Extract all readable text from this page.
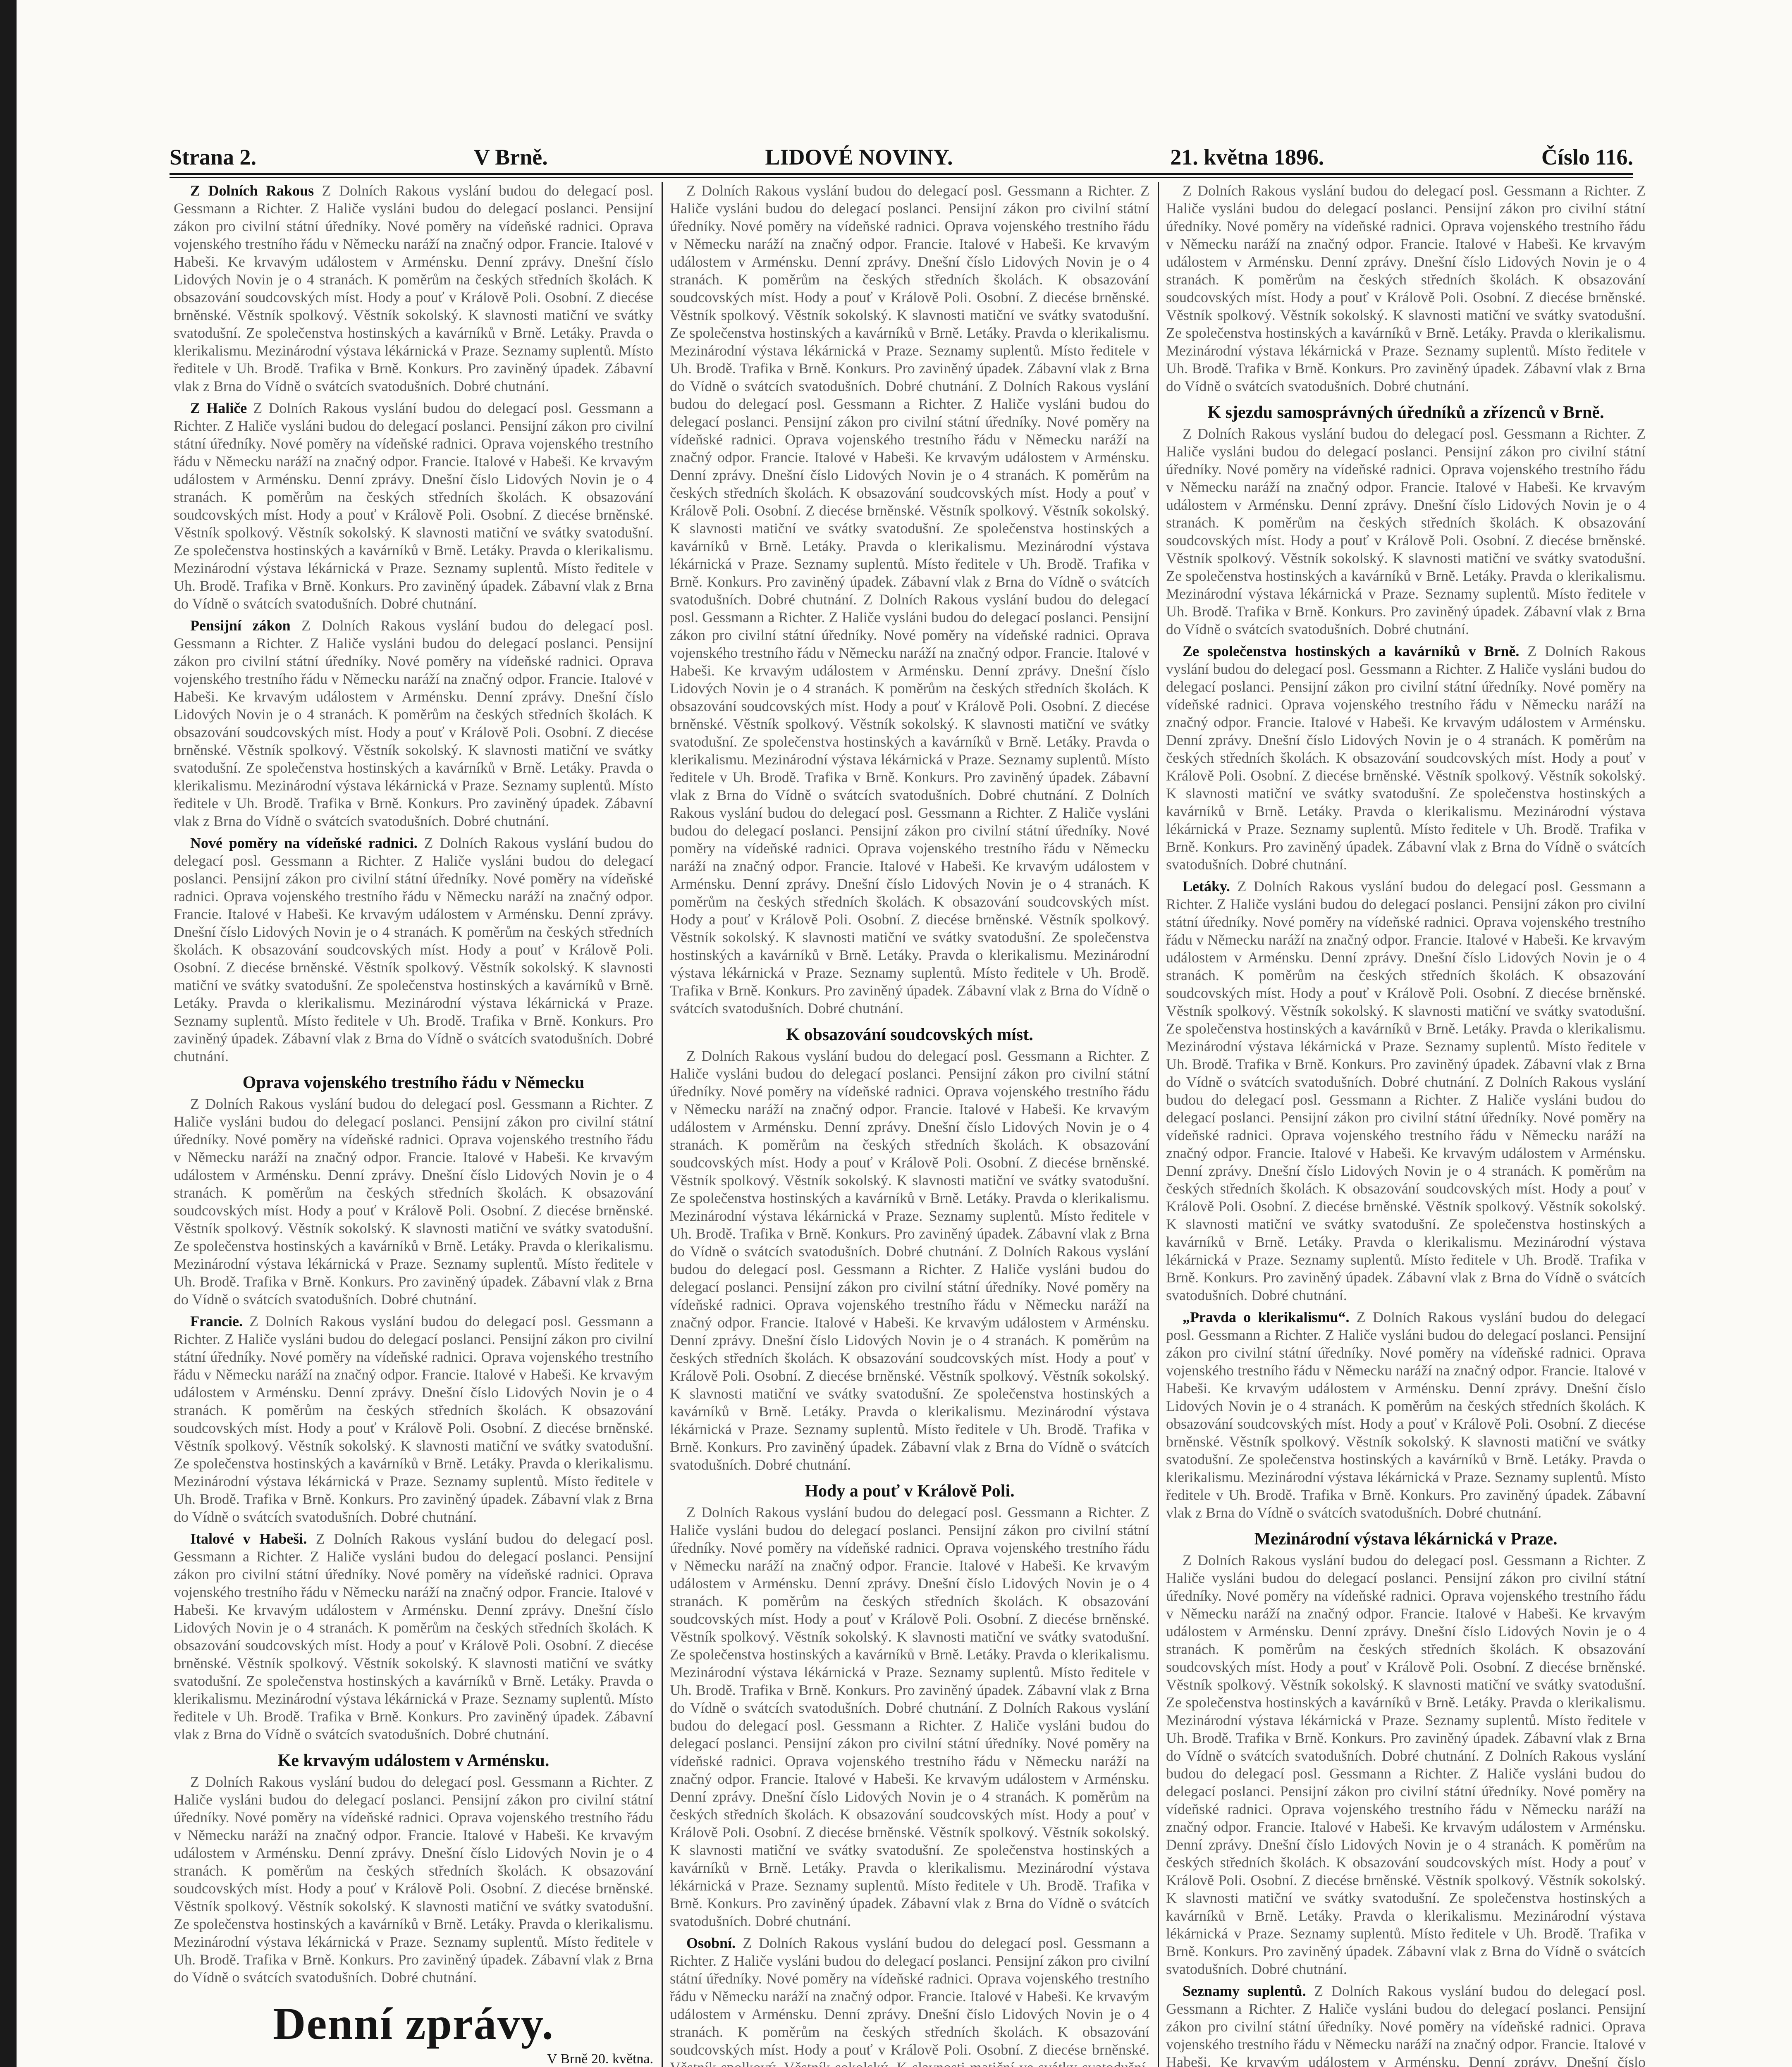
Strana 2.	V Brně.	LIDOVÉ NOVINY.	21. května 1896.	Číslo 116.

Z Dolních Rakous Z Dolních Rakous vyslání budou do delegací posl. Gessmann a Richter. Z Haliče vysláni budou do delegací poslanci. Pensijní zákon pro civilní státní úředníky. Nové poměry na vídeňské radnici. Oprava vojenského trestního řádu v Německu naráží na značný odpor. Francie. Italové v Habeši. Ke krvavým událostem v Arménsku. Denní zprávy. Dnešní číslo Lidových Novin je o 4 stranách. K poměrům na českých středních školách. K obsazování soudcovských míst. Hody a pouť v Králově Poli. Osobní. Z diecése brněnské. Věstník spolkový. Věstník sokolský. K slavnosti matiční ve svátky svatodušní. Ze společenstva hostinských a kavárníků v Brně. Letáky. Pravda o klerikalismu. Mezinárodní výstava lékárnická v Praze. Seznamy suplentů. Místo ředitele v Uh. Brodě. Trafika v Brně. Konkurs. Pro zaviněný úpadek. Zábavní vlak z Brna do Vídně o svátcích svatodušních. Dobré chutnání.

Z Haliče Z Dolních Rakous vyslání budou do delegací posl. Gessmann a Richter. Z Haliče vysláni budou do delegací poslanci. Pensijní zákon pro civilní státní úředníky. Nové poměry na vídeňské radnici. Oprava vojenského trestního řádu v Německu naráží na značný odpor. Francie. Italové v Habeši. Ke krvavým událostem v Arménsku. Denní zprávy. Dnešní číslo Lidových Novin je o 4 stranách. K poměrům na českých středních školách. K obsazování soudcovských míst. Hody a pouť v Králově Poli. Osobní. Z diecése brněnské. Věstník spolkový. Věstník sokolský. K slavnosti matiční ve svátky svatodušní. Ze společenstva hostinských a kavárníků v Brně. Letáky. Pravda o klerikalismu. Mezinárodní výstava lékárnická v Praze. Seznamy suplentů. Místo ředitele v Uh. Brodě. Trafika v Brně. Konkurs. Pro zaviněný úpadek. Zábavní vlak z Brna do Vídně o svátcích svatodušních. Dobré chutnání.

Pensijní zákon Z Dolních Rakous vyslání budou do delegací posl. Gessmann a Richter. Z Haliče vysláni budou do delegací poslanci. Pensijní zákon pro civilní státní úředníky. Nové poměry na vídeňské radnici. Oprava vojenského trestního řádu v Německu naráží na značný odpor. Francie. Italové v Habeši. Ke krvavým událostem v Arménsku. Denní zprávy. Dnešní číslo Lidových Novin je o 4 stranách. K poměrům na českých středních školách. K obsazování soudcovských míst. Hody a pouť v Králově Poli. Osobní. Z diecése brněnské. Věstník spolkový. Věstník sokolský. K slavnosti matiční ve svátky svatodušní. Ze společenstva hostinských a kavárníků v Brně. Letáky. Pravda o klerikalismu. Mezinárodní výstava lékárnická v Praze. Seznamy suplentů. Místo ředitele v Uh. Brodě. Trafika v Brně. Konkurs. Pro zaviněný úpadek. Zábavní vlak z Brna do Vídně o svátcích svatodušních. Dobré chutnání.

Nové poměry na vídeňské radnici. Z Dolních Rakous vyslání budou do delegací posl. Gessmann a Richter. Z Haliče vysláni budou do delegací poslanci. Pensijní zákon pro civilní státní úředníky. Nové poměry na vídeňské radnici. Oprava vojenského trestního řádu v Německu naráží na značný odpor. Francie. Italové v Habeši. Ke krvavým událostem v Arménsku. Denní zprávy. Dnešní číslo Lidových Novin je o 4 stranách. K poměrům na českých středních školách. K obsazování soudcovských míst. Hody a pouť v Králově Poli. Osobní. Z diecése brněnské. Věstník spolkový. Věstník sokolský. K slavnosti matiční ve svátky svatodušní. Ze společenstva hostinských a kavárníků v Brně. Letáky. Pravda o klerikalismu. Mezinárodní výstava lékárnická v Praze. Seznamy suplentů. Místo ředitele v Uh. Brodě. Trafika v Brně. Konkurs. Pro zaviněný úpadek. Zábavní vlak z Brna do Vídně o svátcích svatodušních. Dobré chutnání.

Oprava vojenského trestního řádu v Německu

Z Dolních Rakous vyslání budou do delegací posl. Gessmann a Richter. Z Haliče vysláni budou do delegací poslanci. Pensijní zákon pro civilní státní úředníky. Nové poměry na vídeňské radnici. Oprava vojenského trestního řádu v Německu naráží na značný odpor. Francie. Italové v Habeši. Ke krvavým událostem v Arménsku. Denní zprávy. Dnešní číslo Lidových Novin je o 4 stranách. K poměrům na českých středních školách. K obsazování soudcovských míst. Hody a pouť v Králově Poli. Osobní. Z diecése brněnské. Věstník spolkový. Věstník sokolský. K slavnosti matiční ve svátky svatodušní. Ze společenstva hostinských a kavárníků v Brně. Letáky. Pravda o klerikalismu. Mezinárodní výstava lékárnická v Praze. Seznamy suplentů. Místo ředitele v Uh. Brodě. Trafika v Brně. Konkurs. Pro zaviněný úpadek. Zábavní vlak z Brna do Vídně o svátcích svatodušních. Dobré chutnání.

Francie. Z Dolních Rakous vyslání budou do delegací posl. Gessmann a Richter. Z Haliče vysláni budou do delegací poslanci. Pensijní zákon pro civilní státní úředníky. Nové poměry na vídeňské radnici. Oprava vojenského trestního řádu v Německu naráží na značný odpor. Francie. Italové v Habeši. Ke krvavým událostem v Arménsku. Denní zprávy. Dnešní číslo Lidových Novin je o 4 stranách. K poměrům na českých středních školách. K obsazování soudcovských míst. Hody a pouť v Králově Poli. Osobní. Z diecése brněnské. Věstník spolkový. Věstník sokolský. K slavnosti matiční ve svátky svatodušní. Ze společenstva hostinských a kavárníků v Brně. Letáky. Pravda o klerikalismu. Mezinárodní výstava lékárnická v Praze. Seznamy suplentů. Místo ředitele v Uh. Brodě. Trafika v Brně. Konkurs. Pro zaviněný úpadek. Zábavní vlak z Brna do Vídně o svátcích svatodušních. Dobré chutnání.

Italové v Habeši. Z Dolních Rakous vyslání budou do delegací posl. Gessmann a Richter. Z Haliče vysláni budou do delegací poslanci. Pensijní zákon pro civilní státní úředníky. Nové poměry na vídeňské radnici. Oprava vojenského trestního řádu v Německu naráží na značný odpor. Francie. Italové v Habeši. Ke krvavým událostem v Arménsku. Denní zprávy. Dnešní číslo Lidových Novin je o 4 stranách. K poměrům na českých středních školách. K obsazování soudcovských míst. Hody a pouť v Králově Poli. Osobní. Z diecése brněnské. Věstník spolkový. Věstník sokolský. K slavnosti matiční ve svátky svatodušní. Ze společenstva hostinských a kavárníků v Brně. Letáky. Pravda o klerikalismu. Mezinárodní výstava lékárnická v Praze. Seznamy suplentů. Místo ředitele v Uh. Brodě. Trafika v Brně. Konkurs. Pro zaviněný úpadek. Zábavní vlak z Brna do Vídně o svátcích svatodušních. Dobré chutnání.

Ke krvavým událostem v Arménsku.

Z Dolních Rakous vyslání budou do delegací posl. Gessmann a Richter. Z Haliče vysláni budou do delegací poslanci. Pensijní zákon pro civilní státní úředníky. Nové poměry na vídeňské radnici. Oprava vojenského trestního řádu v Německu naráží na značný odpor. Francie. Italové v Habeši. Ke krvavým událostem v Arménsku. Denní zprávy. Dnešní číslo Lidových Novin je o 4 stranách. K poměrům na českých středních školách. K obsazování soudcovských míst. Hody a pouť v Králově Poli. Osobní. Z diecése brněnské. Věstník spolkový. Věstník sokolský. K slavnosti matiční ve svátky svatodušní. Ze společenstva hostinských a kavárníků v Brně. Letáky. Pravda o klerikalismu. Mezinárodní výstava lékárnická v Praze. Seznamy suplentů. Místo ředitele v Uh. Brodě. Trafika v Brně. Konkurs. Pro zaviněný úpadek. Zábavní vlak z Brna do Vídně o svátcích svatodušních. Dobré chutnání.

Denní zprávy.
V Brně 20. května.

Z Dolních Rakous vyslání budou do delegací posl. Gessmann a Richter. Z Haliče vysláni budou do delegací poslanci. Pensijní zákon pro civilní státní úředníky. Nové poměry na vídeňské radnici. Oprava vojenského trestního řádu v Německu naráží na značný odpor. Francie. Italové v Habeši. Ke krvavým událostem v Arménsku. Denní zprávy. Dnešní číslo Lidových Novin je o 4 stranách. K poměrům na českých středních školách. K obsazování soudcovských míst. Hody a pouť v Králově Poli. Osobní. Z diecése brněnské. Věstník spolkový. Věstník sokolský. K slavnosti matiční ve svátky svatodušní. Ze společenstva hostinských a kavárníků v Brně. Letáky. Pravda o klerikalismu. Mezinárodní výstava lékárnická v Praze. Seznamy suplentů. Místo ředitele v Uh. Brodě. Trafika v Brně. Konkurs. Pro zaviněný úpadek. Zábavní vlak z Brna do Vídně o svátcích svatodušních. Dobré chutnání. Z Dolních Rakous vyslání budou do delegací posl. Gessmann a Richter. Z Haliče vysláni budou do delegací poslanci. Pensijní zákon pro civilní státní úředníky. Nové poměry na vídeňské radnici. Oprava vojenského trestního řádu v Německu naráží na značný odpor. Francie. Italové v Habeši. Ke krvavým událostem v Arménsku. Denní zprávy. Dnešní číslo Lidových Novin je o 4 stranách. K poměrům na českých středních školách. K obsazování soudcovských míst. Hody a pouť v Králově Poli. Osobní. Z diecése brněnské. Věstník spolkový. Věstník sokolský. K slavnosti matiční ve svátky svatodušní. Ze společenstva hostinských a kavárníků v Brně. Letáky. Pravda o klerikalismu. Mezinárodní výstava lékárnická v Praze. Seznamy suplentů. Místo ředitele v Uh. Brodě. Trafika v Brně. Konkurs. Pro zaviněný úpadek. Zábavní vlak z Brna do Vídně o svátcích svatodušních. Dobré chutnání. Z Dolních Rakous vyslání budou do delegací posl. Gessmann a Richter. Z Haliče vysláni budou do delegací poslanci. Pensijní zákon pro civilní státní úředníky. Nové poměry na vídeňské radnici. Oprava vojenského trestního řádu v Německu naráží na značný odpor. Francie. Italové v Habeši. Ke krvavým událostem v Arménsku. Denní zprávy. Dnešní číslo Lidových Novin je o 4 stranách. K poměrům na českých středních školách. K obsazování soudcovských míst. Hody a pouť v Králově Poli. Osobní. Z diecése brněnské. Věstník spolkový. Věstník sokolský. K slavnosti matiční ve svátky svatodušní. Ze společenstva hostinských a kavárníků v Brně. Letáky. Pravda o klerikalismu. Mezinárodní výstava lékárnická v Praze. Seznamy suplentů. Místo ředitele v Uh. Brodě. Trafika v Brně. Konkurs. Pro zaviněný úpadek. Zábavní vlak z Brna do Vídně o svátcích svatodušních. Dobré chutnání. Z Dolních Rakous vyslání budou do delegací posl. Gessmann a Richter. Z Haliče vysláni budou do delegací poslanci. Pensijní zákon pro civilní státní úředníky. Nové poměry na vídeňské radnici. Oprava vojenského trestního řádu v Německu naráží na značný odpor. Francie. Italové v Habeši. Ke krvavým událostem v Arménsku. Denní zprávy. Dnešní číslo Lidových Novin je o 4 stranách. K poměrům na českých středních školách. K obsazování soudcovských míst. Hody a pouť v Králově Poli. Osobní. Z diecése brněnské. Věstník spolkový. Věstník sokolský. K slavnosti matiční ve svátky svatodušní. Ze společenstva hostinských a kavárníků v Brně. Letáky. Pravda o klerikalismu. Mezinárodní výstava lékárnická v Praze. Seznamy suplentů. Místo ředitele v Uh. Brodě. Trafika v Brně. Konkurs. Pro zaviněný úpadek. Zábavní vlak z Brna do Vídně o svátcích svatodušních. Dobré chutnání.

K obsazování soudcovských míst.

Z Dolních Rakous vyslání budou do delegací posl. Gessmann a Richter. Z Haliče vysláni budou do delegací poslanci. Pensijní zákon pro civilní státní úředníky. Nové poměry na vídeňské radnici. Oprava vojenského trestního řádu v Německu naráží na značný odpor. Francie. Italové v Habeši. Ke krvavým událostem v Arménsku. Denní zprávy. Dnešní číslo Lidových Novin je o 4 stranách. K poměrům na českých středních školách. K obsazování soudcovských míst. Hody a pouť v Králově Poli. Osobní. Z diecése brněnské. Věstník spolkový. Věstník sokolský. K slavnosti matiční ve svátky svatodušní. Ze společenstva hostinských a kavárníků v Brně. Letáky. Pravda o klerikalismu. Mezinárodní výstava lékárnická v Praze. Seznamy suplentů. Místo ředitele v Uh. Brodě. Trafika v Brně. Konkurs. Pro zaviněný úpadek. Zábavní vlak z Brna do Vídně o svátcích svatodušních. Dobré chutnání. Z Dolních Rakous vyslání budou do delegací posl. Gessmann a Richter. Z Haliče vysláni budou do delegací poslanci. Pensijní zákon pro civilní státní úředníky. Nové poměry na vídeňské radnici. Oprava vojenského trestního řádu v Německu naráží na značný odpor. Francie. Italové v Habeši. Ke krvavým událostem v Arménsku. Denní zprávy. Dnešní číslo Lidových Novin je o 4 stranách. K poměrům na českých středních školách. K obsazování soudcovských míst. Hody a pouť v Králově Poli. Osobní. Z diecése brněnské. Věstník spolkový. Věstník sokolský. K slavnosti matiční ve svátky svatodušní. Ze společenstva hostinských a kavárníků v Brně. Letáky. Pravda o klerikalismu. Mezinárodní výstava lékárnická v Praze. Seznamy suplentů. Místo ředitele v Uh. Brodě. Trafika v Brně. Konkurs. Pro zaviněný úpadek. Zábavní vlak z Brna do Vídně o svátcích svatodušních. Dobré chutnání.

Hody a pouť v Králově Poli.

Z Dolních Rakous vyslání budou do delegací posl. Gessmann a Richter. Z Haliče vysláni budou do delegací poslanci. Pensijní zákon pro civilní státní úředníky. Nové poměry na vídeňské radnici. Oprava vojenského trestního řádu v Německu naráží na značný odpor. Francie. Italové v Habeši. Ke krvavým událostem v Arménsku. Denní zprávy. Dnešní číslo Lidových Novin je o 4 stranách. K poměrům na českých středních školách. K obsazování soudcovských míst. Hody a pouť v Králově Poli. Osobní. Z diecése brněnské. Věstník spolkový. Věstník sokolský. K slavnosti matiční ve svátky svatodušní. Ze společenstva hostinských a kavárníků v Brně. Letáky. Pravda o klerikalismu. Mezinárodní výstava lékárnická v Praze. Seznamy suplentů. Místo ředitele v Uh. Brodě. Trafika v Brně. Konkurs. Pro zaviněný úpadek. Zábavní vlak z Brna do Vídně o svátcích svatodušních. Dobré chutnání. Z Dolních Rakous vyslání budou do delegací posl. Gessmann a Richter. Z Haliče vysláni budou do delegací poslanci. Pensijní zákon pro civilní státní úředníky. Nové poměry na vídeňské radnici. Oprava vojenského trestního řádu v Německu naráží na značný odpor. Francie. Italové v Habeši. Ke krvavým událostem v Arménsku. Denní zprávy. Dnešní číslo Lidových Novin je o 4 stranách. K poměrům na českých středních školách. K obsazování soudcovských míst. Hody a pouť v Králově Poli. Osobní. Z diecése brněnské. Věstník spolkový. Věstník sokolský. K slavnosti matiční ve svátky svatodušní. Ze společenstva hostinských a kavárníků v Brně. Letáky. Pravda o klerikalismu. Mezinárodní výstava lékárnická v Praze. Seznamy suplentů. Místo ředitele v Uh. Brodě. Trafika v Brně. Konkurs. Pro zaviněný úpadek. Zábavní vlak z Brna do Vídně o svátcích svatodušních. Dobré chutnání.

Osobní. Z Dolních Rakous vyslání budou do delegací posl. Gessmann a Richter. Z Haliče vysláni budou do delegací poslanci. Pensijní zákon pro civilní státní úředníky. Nové poměry na vídeňské radnici. Oprava vojenského trestního řádu v Německu naráží na značný odpor. Francie. Italové v Habeši. Ke krvavým událostem v Arménsku. Denní zprávy. Dnešní číslo Lidových Novin je o 4 stranách. K poměrům na českých středních školách. K obsazování soudcovských míst. Hody a pouť v Králově Poli. Osobní. Z diecése brněnské. Věstník spolkový. Věstník sokolský. K slavnosti matiční ve svátky svatodušní. Ze společenstva hostinských a kavárníků v Brně. Letáky. Pravda o klerikalismu. Mezinárodní výstava lékárnická v Praze. Seznamy suplentů. Místo ředitele v Uh. Brodě. Trafika v Brně. Konkurs. Pro zaviněný úpadek. Zábavní vlak z Brna do Vídně o svátcích svatodušních. Dobré chutnání.

Z Dolních Rakous vyslání budou do delegací posl. Gessmann a Richter. Z Haliče vysláni budou do delegací poslanci. Pensijní zákon pro civilní státní úředníky. Nové poměry na vídeňské radnici. Oprava vojenského trestního řádu v Německu naráží na značný odpor. Francie. Italové v Habeši. Ke krvavým událostem v Arménsku. Denní zprávy. Dnešní číslo Lidových Novin je o 4 stranách. K poměrům na českých středních školách. K obsazování soudcovských míst. Hody a pouť v Králově Poli. Osobní. Z diecése brněnské. Věstník spolkový. Věstník sokolský. K slavnosti matiční ve svátky svatodušní. Ze společenstva hostinských a kavárníků v Brně. Letáky. Pravda o klerikalismu. Mezinárodní výstava lékárnická v Praze. Seznamy suplentů. Místo ředitele v Uh. Brodě. Trafika v Brně. Konkurs. Pro zaviněný úpadek. Zábavní vlak z Brna do Vídně o svátcích svatodušních. Dobré chutnání.

K sjezdu samosprávných úředníků a zřízenců v Brně.

Z Dolních Rakous vyslání budou do delegací posl. Gessmann a Richter. Z Haliče vysláni budou do delegací poslanci. Pensijní zákon pro civilní státní úředníky. Nové poměry na vídeňské radnici. Oprava vojenského trestního řádu v Německu naráží na značný odpor. Francie. Italové v Habeši. Ke krvavým událostem v Arménsku. Denní zprávy. Dnešní číslo Lidových Novin je o 4 stranách. K poměrům na českých středních školách. K obsazování soudcovských míst. Hody a pouť v Králově Poli. Osobní. Z diecése brněnské. Věstník spolkový. Věstník sokolský. K slavnosti matiční ve svátky svatodušní. Ze společenstva hostinských a kavárníků v Brně. Letáky. Pravda o klerikalismu. Mezinárodní výstava lékárnická v Praze. Seznamy suplentů. Místo ředitele v Uh. Brodě. Trafika v Brně. Konkurs. Pro zaviněný úpadek. Zábavní vlak z Brna do Vídně o svátcích svatodušních. Dobré chutnání.

Ze společenstva hostinských a kavárníků v Brně. Z Dolních Rakous vyslání budou do delegací posl. Gessmann a Richter. Z Haliče vysláni budou do delegací poslanci. Pensijní zákon pro civilní státní úředníky. Nové poměry na vídeňské radnici. Oprava vojenského trestního řádu v Německu naráží na značný odpor. Francie. Italové v Habeši. Ke krvavým událostem v Arménsku. Denní zprávy. Dnešní číslo Lidových Novin je o 4 stranách. K poměrům na českých středních školách. K obsazování soudcovských míst. Hody a pouť v Králově Poli. Osobní. Z diecése brněnské. Věstník spolkový. Věstník sokolský. K slavnosti matiční ve svátky svatodušní. Ze společenstva hostinských a kavárníků v Brně. Letáky. Pravda o klerikalismu. Mezinárodní výstava lékárnická v Praze. Seznamy suplentů. Místo ředitele v Uh. Brodě. Trafika v Brně. Konkurs. Pro zaviněný úpadek. Zábavní vlak z Brna do Vídně o svátcích svatodušních. Dobré chutnání.

Letáky. Z Dolních Rakous vyslání budou do delegací posl. Gessmann a Richter. Z Haliče vysláni budou do delegací poslanci. Pensijní zákon pro civilní státní úředníky. Nové poměry na vídeňské radnici. Oprava vojenského trestního řádu v Německu naráží na značný odpor. Francie. Italové v Habeši. Ke krvavým událostem v Arménsku. Denní zprávy. Dnešní číslo Lidových Novin je o 4 stranách. K poměrům na českých středních školách. K obsazování soudcovských míst. Hody a pouť v Králově Poli. Osobní. Z diecése brněnské. Věstník spolkový. Věstník sokolský. K slavnosti matiční ve svátky svatodušní. Ze společenstva hostinských a kavárníků v Brně. Letáky. Pravda o klerikalismu. Mezinárodní výstava lékárnická v Praze. Seznamy suplentů. Místo ředitele v Uh. Brodě. Trafika v Brně. Konkurs. Pro zaviněný úpadek. Zábavní vlak z Brna do Vídně o svátcích svatodušních. Dobré chutnání. Z Dolních Rakous vyslání budou do delegací posl. Gessmann a Richter. Z Haliče vysláni budou do delegací poslanci. Pensijní zákon pro civilní státní úředníky. Nové poměry na vídeňské radnici. Oprava vojenského trestního řádu v Německu naráží na značný odpor. Francie. Italové v Habeši. Ke krvavým událostem v Arménsku. Denní zprávy. Dnešní číslo Lidových Novin je o 4 stranách. K poměrům na českých středních školách. K obsazování soudcovských míst. Hody a pouť v Králově Poli. Osobní. Z diecése brněnské. Věstník spolkový. Věstník sokolský. K slavnosti matiční ve svátky svatodušní. Ze společenstva hostinských a kavárníků v Brně. Letáky. Pravda o klerikalismu. Mezinárodní výstava lékárnická v Praze. Seznamy suplentů. Místo ředitele v Uh. Brodě. Trafika v Brně. Konkurs. Pro zaviněný úpadek. Zábavní vlak z Brna do Vídně o svátcích svatodušních. Dobré chutnání.

„Pravda o klerikalismu“. Z Dolních Rakous vyslání budou do delegací posl. Gessmann a Richter. Z Haliče vysláni budou do delegací poslanci. Pensijní zákon pro civilní státní úředníky. Nové poměry na vídeňské radnici. Oprava vojenského trestního řádu v Německu naráží na značný odpor. Francie. Italové v Habeši. Ke krvavým událostem v Arménsku. Denní zprávy. Dnešní číslo Lidových Novin je o 4 stranách. K poměrům na českých středních školách. K obsazování soudcovských míst. Hody a pouť v Králově Poli. Osobní. Z diecése brněnské. Věstník spolkový. Věstník sokolský. K slavnosti matiční ve svátky svatodušní. Ze společenstva hostinských a kavárníků v Brně. Letáky. Pravda o klerikalismu. Mezinárodní výstava lékárnická v Praze. Seznamy suplentů. Místo ředitele v Uh. Brodě. Trafika v Brně. Konkurs. Pro zaviněný úpadek. Zábavní vlak z Brna do Vídně o svátcích svatodušních. Dobré chutnání.

Mezinárodní výstava lékárnická v Praze.

Z Dolních Rakous vyslání budou do delegací posl. Gessmann a Richter. Z Haliče vysláni budou do delegací poslanci. Pensijní zákon pro civilní státní úředníky. Nové poměry na vídeňské radnici. Oprava vojenského trestního řádu v Německu naráží na značný odpor. Francie. Italové v Habeši. Ke krvavým událostem v Arménsku. Denní zprávy. Dnešní číslo Lidových Novin je o 4 stranách. K poměrům na českých středních školách. K obsazování soudcovských míst. Hody a pouť v Králově Poli. Osobní. Z diecése brněnské. Věstník spolkový. Věstník sokolský. K slavnosti matiční ve svátky svatodušní. Ze společenstva hostinských a kavárníků v Brně. Letáky. Pravda o klerikalismu. Mezinárodní výstava lékárnická v Praze. Seznamy suplentů. Místo ředitele v Uh. Brodě. Trafika v Brně. Konkurs. Pro zaviněný úpadek. Zábavní vlak z Brna do Vídně o svátcích svatodušních. Dobré chutnání. Z Dolních Rakous vyslání budou do delegací posl. Gessmann a Richter. Z Haliče vysláni budou do delegací poslanci. Pensijní zákon pro civilní státní úředníky. Nové poměry na vídeňské radnici. Oprava vojenského trestního řádu v Německu naráží na značný odpor. Francie. Italové v Habeši. Ke krvavým událostem v Arménsku. Denní zprávy. Dnešní číslo Lidových Novin je o 4 stranách. K poměrům na českých středních školách. K obsazování soudcovských míst. Hody a pouť v Králově Poli. Osobní. Z diecése brněnské. Věstník spolkový. Věstník sokolský. K slavnosti matiční ve svátky svatodušní. Ze společenstva hostinských a kavárníků v Brně. Letáky. Pravda o klerikalismu. Mezinárodní výstava lékárnická v Praze. Seznamy suplentů. Místo ředitele v Uh. Brodě. Trafika v Brně. Konkurs. Pro zaviněný úpadek. Zábavní vlak z Brna do Vídně o svátcích svatodušních. Dobré chutnání.

Seznamy suplentů. Z Dolních Rakous vyslání budou do delegací posl. Gessmann a Richter. Z Haliče vysláni budou do delegací poslanci. Pensijní zákon pro civilní státní úředníky. Nové poměry na vídeňské radnici. Oprava vojenského trestního řádu v Německu naráží na značný odpor. Francie. Italové v Habeši. Ke krvavým událostem v Arménsku. Denní zprávy. Dnešní číslo Lidových Novin je o 4 stranách. K poměrům na českých středních školách. K obsazování soudcovských míst. Hody a pouť v Králově Poli. Osobní. Z diecése brněnské. Věstník spolkový. Věstník sokolský. K slavnosti matiční ve svátky svatodušní. Ze společenstva hostinských a kavárníků v Brně. Letáky. Pravda o klerikalismu. Mezinárodní výstava lékárnická v Praze. Seznamy suplentů. Místo ředitele v Uh. Brodě. Trafika v Brně. Konkurs. Pro zaviněný úpadek. Zábavní vlak z Brna do Vídně o svátcích svatodušních. Dobré chutnání.
